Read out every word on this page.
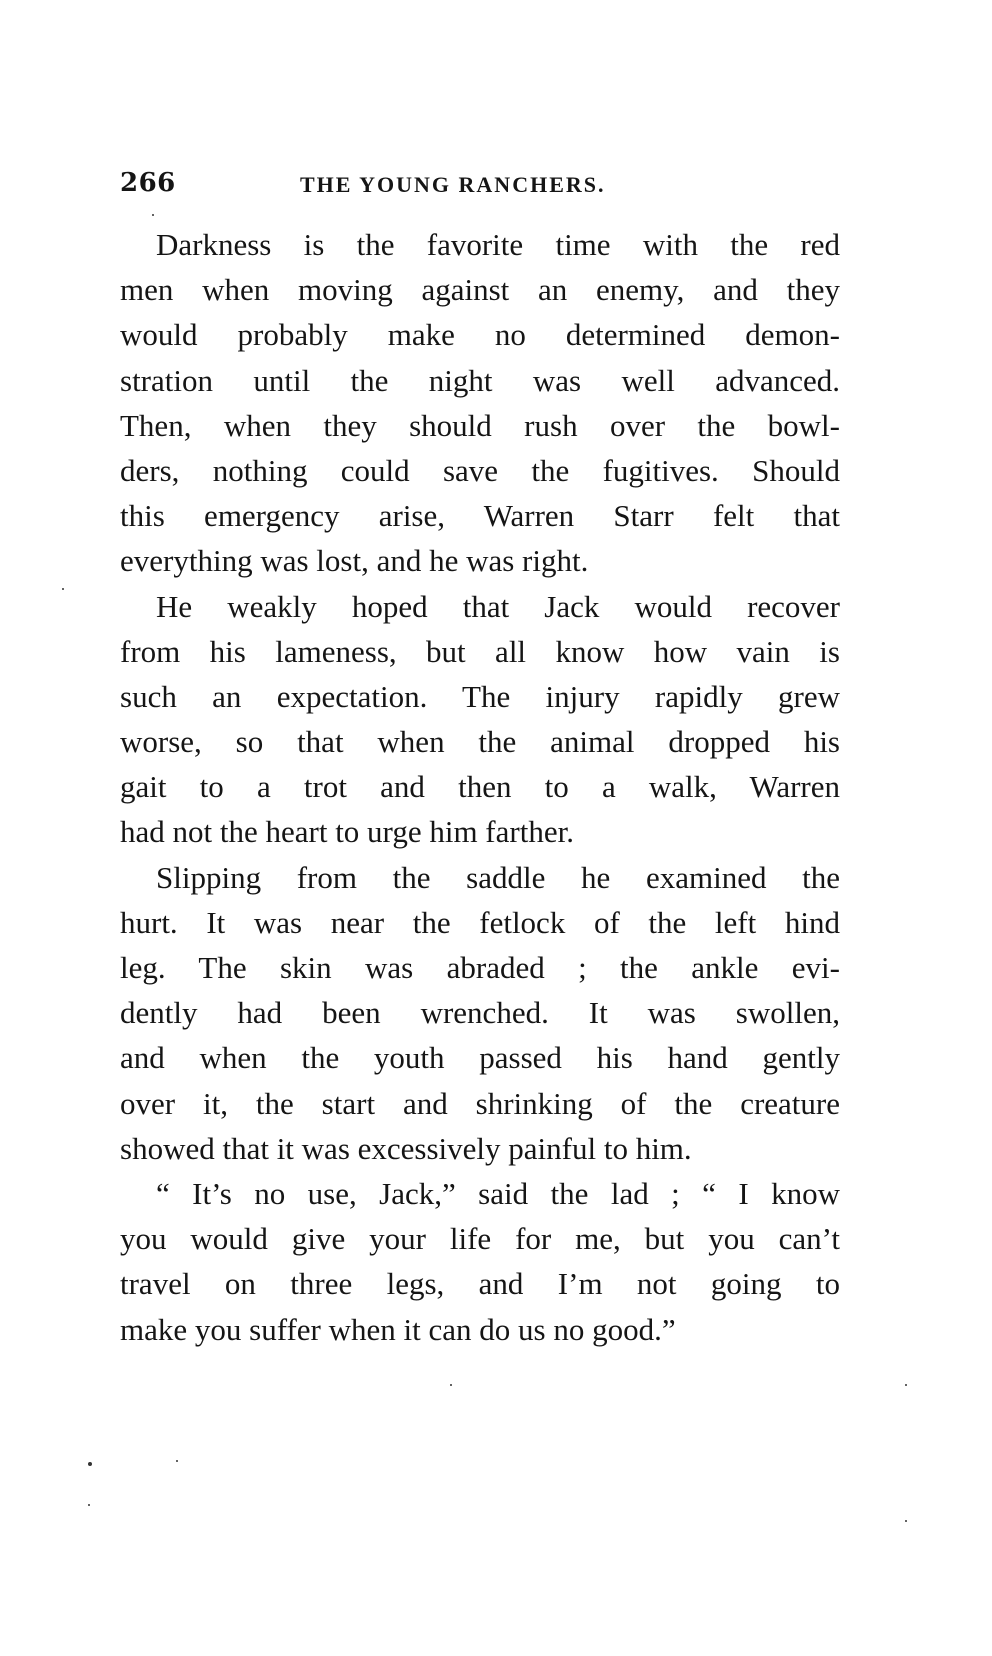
266	THE YOUNG RANCHERS.
Darkness is the favorite time with the red
men when moving against an enemy, and they
would probably make no determined demon-
stration until the night was well advanced.
Then, when they should rush over the bowl-
ders, nothing could save the fugitives. Should
this emergency arise, Warren Starr felt that
everything was lost, and he was right.
He weakly hoped that Jack would recover
from his lameness, but all know how vain is
such an expectation. The injury rapidly grew
worse, so that when the animal dropped his
gait to a trot and then to a walk, Warren
had not the heart to urge him farther.
Slipping from the saddle he examined the
hurt. It was near the fetlock of the left hind
leg. The skin was abraded ; the ankle evi-
dently had been wrenched. It was swollen,
and when the youth passed his hand gently
over it, the start and shrinking of the creature
showed that it was excessively painful to him.
“ It’s no use, Jack,” said the lad ; “ I know
you would give your life for me, but you can’t
travel on three legs, and I’m not going to
make you suffer when it can do us no good.”
